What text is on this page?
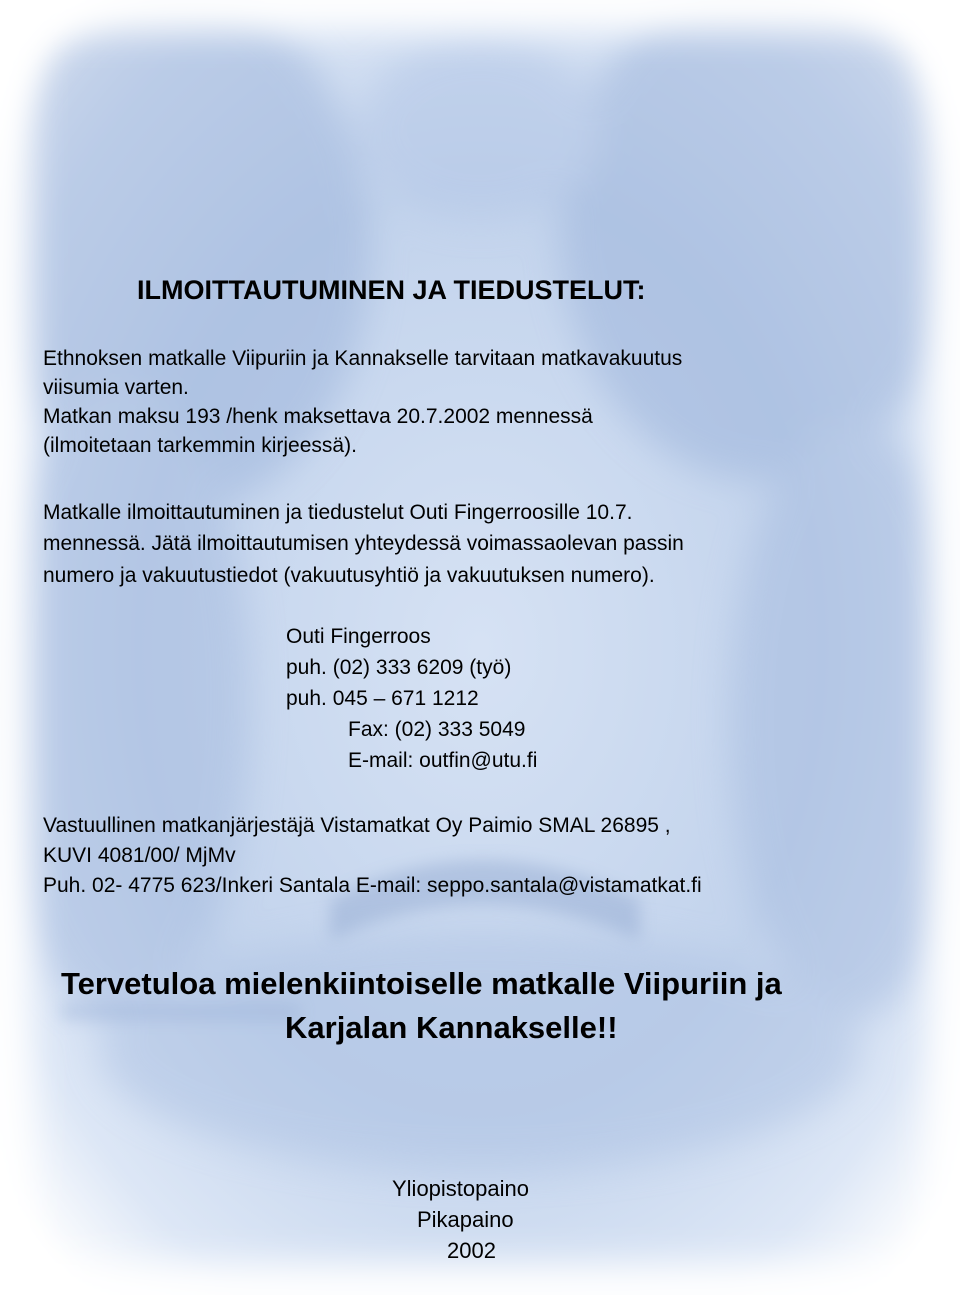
ILMOITTAUTUMINEN JA TIEDUSTELUT:
Ethnoksen matkalle Viipuriin ja Kannakselle tarvitaan matkavakuutus
viisumia varten.
Matkan maksu 193 /henk maksettava 20.7.2002 mennessä
(ilmoitetaan tarkemmin kirjeessä).
Matkalle ilmoittautuminen ja tiedustelut Outi Fingerroosille 10.7.
mennessä. Jätä ilmoittautumisen yhteydessä voimassaolevan passin
numero ja vakuutustiedot (vakuutusyhtiö ja vakuutuksen numero).
Outi Fingerroos
puh. (02) 333 6209 (työ)
puh. 045 – 671 1212
Fax: (02) 333 5049
E-mail: outfin@utu.fi
Vastuullinen matkanjärjestäjä Vistamatkat Oy Paimio SMAL 26895 ,
KUVI 4081/00/ MjMv
Puh. 02- 4775 623/Inkeri Santala E-mail: seppo.santala@vistamatkat.fi
Tervetuloa mielenkiintoiselle matkalle Viipuriin ja
Karjalan Kannakselle!!
Yliopistopaino
Pikapaino
2002
